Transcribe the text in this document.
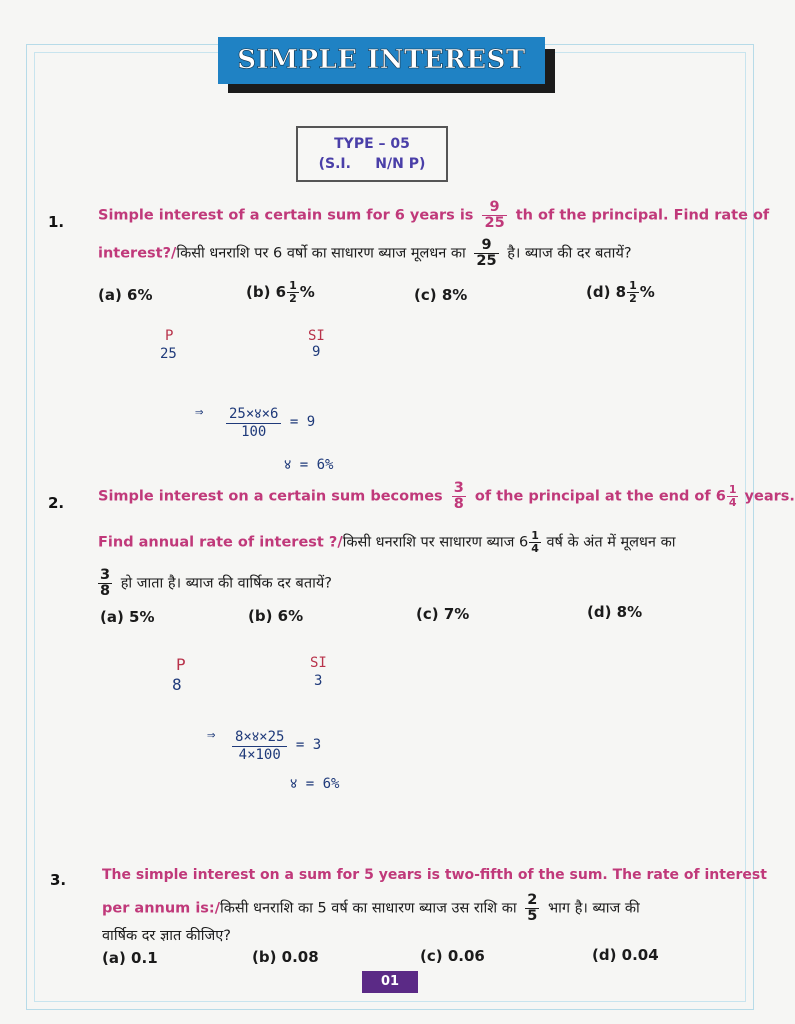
SIMPLE INTEREST
TYPE – 05
(S.I.     N/N P)
1. Simple interest of a certain sum for 6 years is $\frac{9}{25}$ th of the principal. Find rate of
interest?/किसी धनराशि पर 6 वर्षो का साधारण ब्याज मूलधन का $\frac{9}{25}$ है। ब्याज की दर बतायें?
(a) 6%	(b) $6 \frac{1}{2}$ %	(c) 8%	(d) $8 \frac{1}{2}$ %
P
25
SI
9
⇒ $\frac{25\times ४\times 6}{100} = 9$
४ = 6%
2. Simple interest on a certain sum becomes $\frac{3}{8}$ of the principal at the end of $6 \frac{1}{4}$ years.
Find annual rate of interest ?/किसी धनराशि पर साधारण ब्याज $6 \frac{1}{4}$ वर्ष के अंत में मूलधन का
$\frac{3}{8}$ हो जाता है। ब्याज की वार्षिक दर बतायें?
(a) 5%	(b) 6%	(c) 7%	(d) 8%
P
8
SI
3
⇒ $\frac{8\times ४\times 25}{4\times 100} = 3$
४ = 6%
3.	The simple interest on a sum for 5 years is two-fifth of the sum. The rate of interest
per annum is:/किसी धनराशि का 5 वर्ष का साधारण ब्याज उस राशि का $\frac{2}{5}$ भाग है। ब्याज की
वार्षिक दर ज्ञात कीजिए?
(a) 0.1	(b) 0.08	(c) 0.06	(d) 0.04
01
